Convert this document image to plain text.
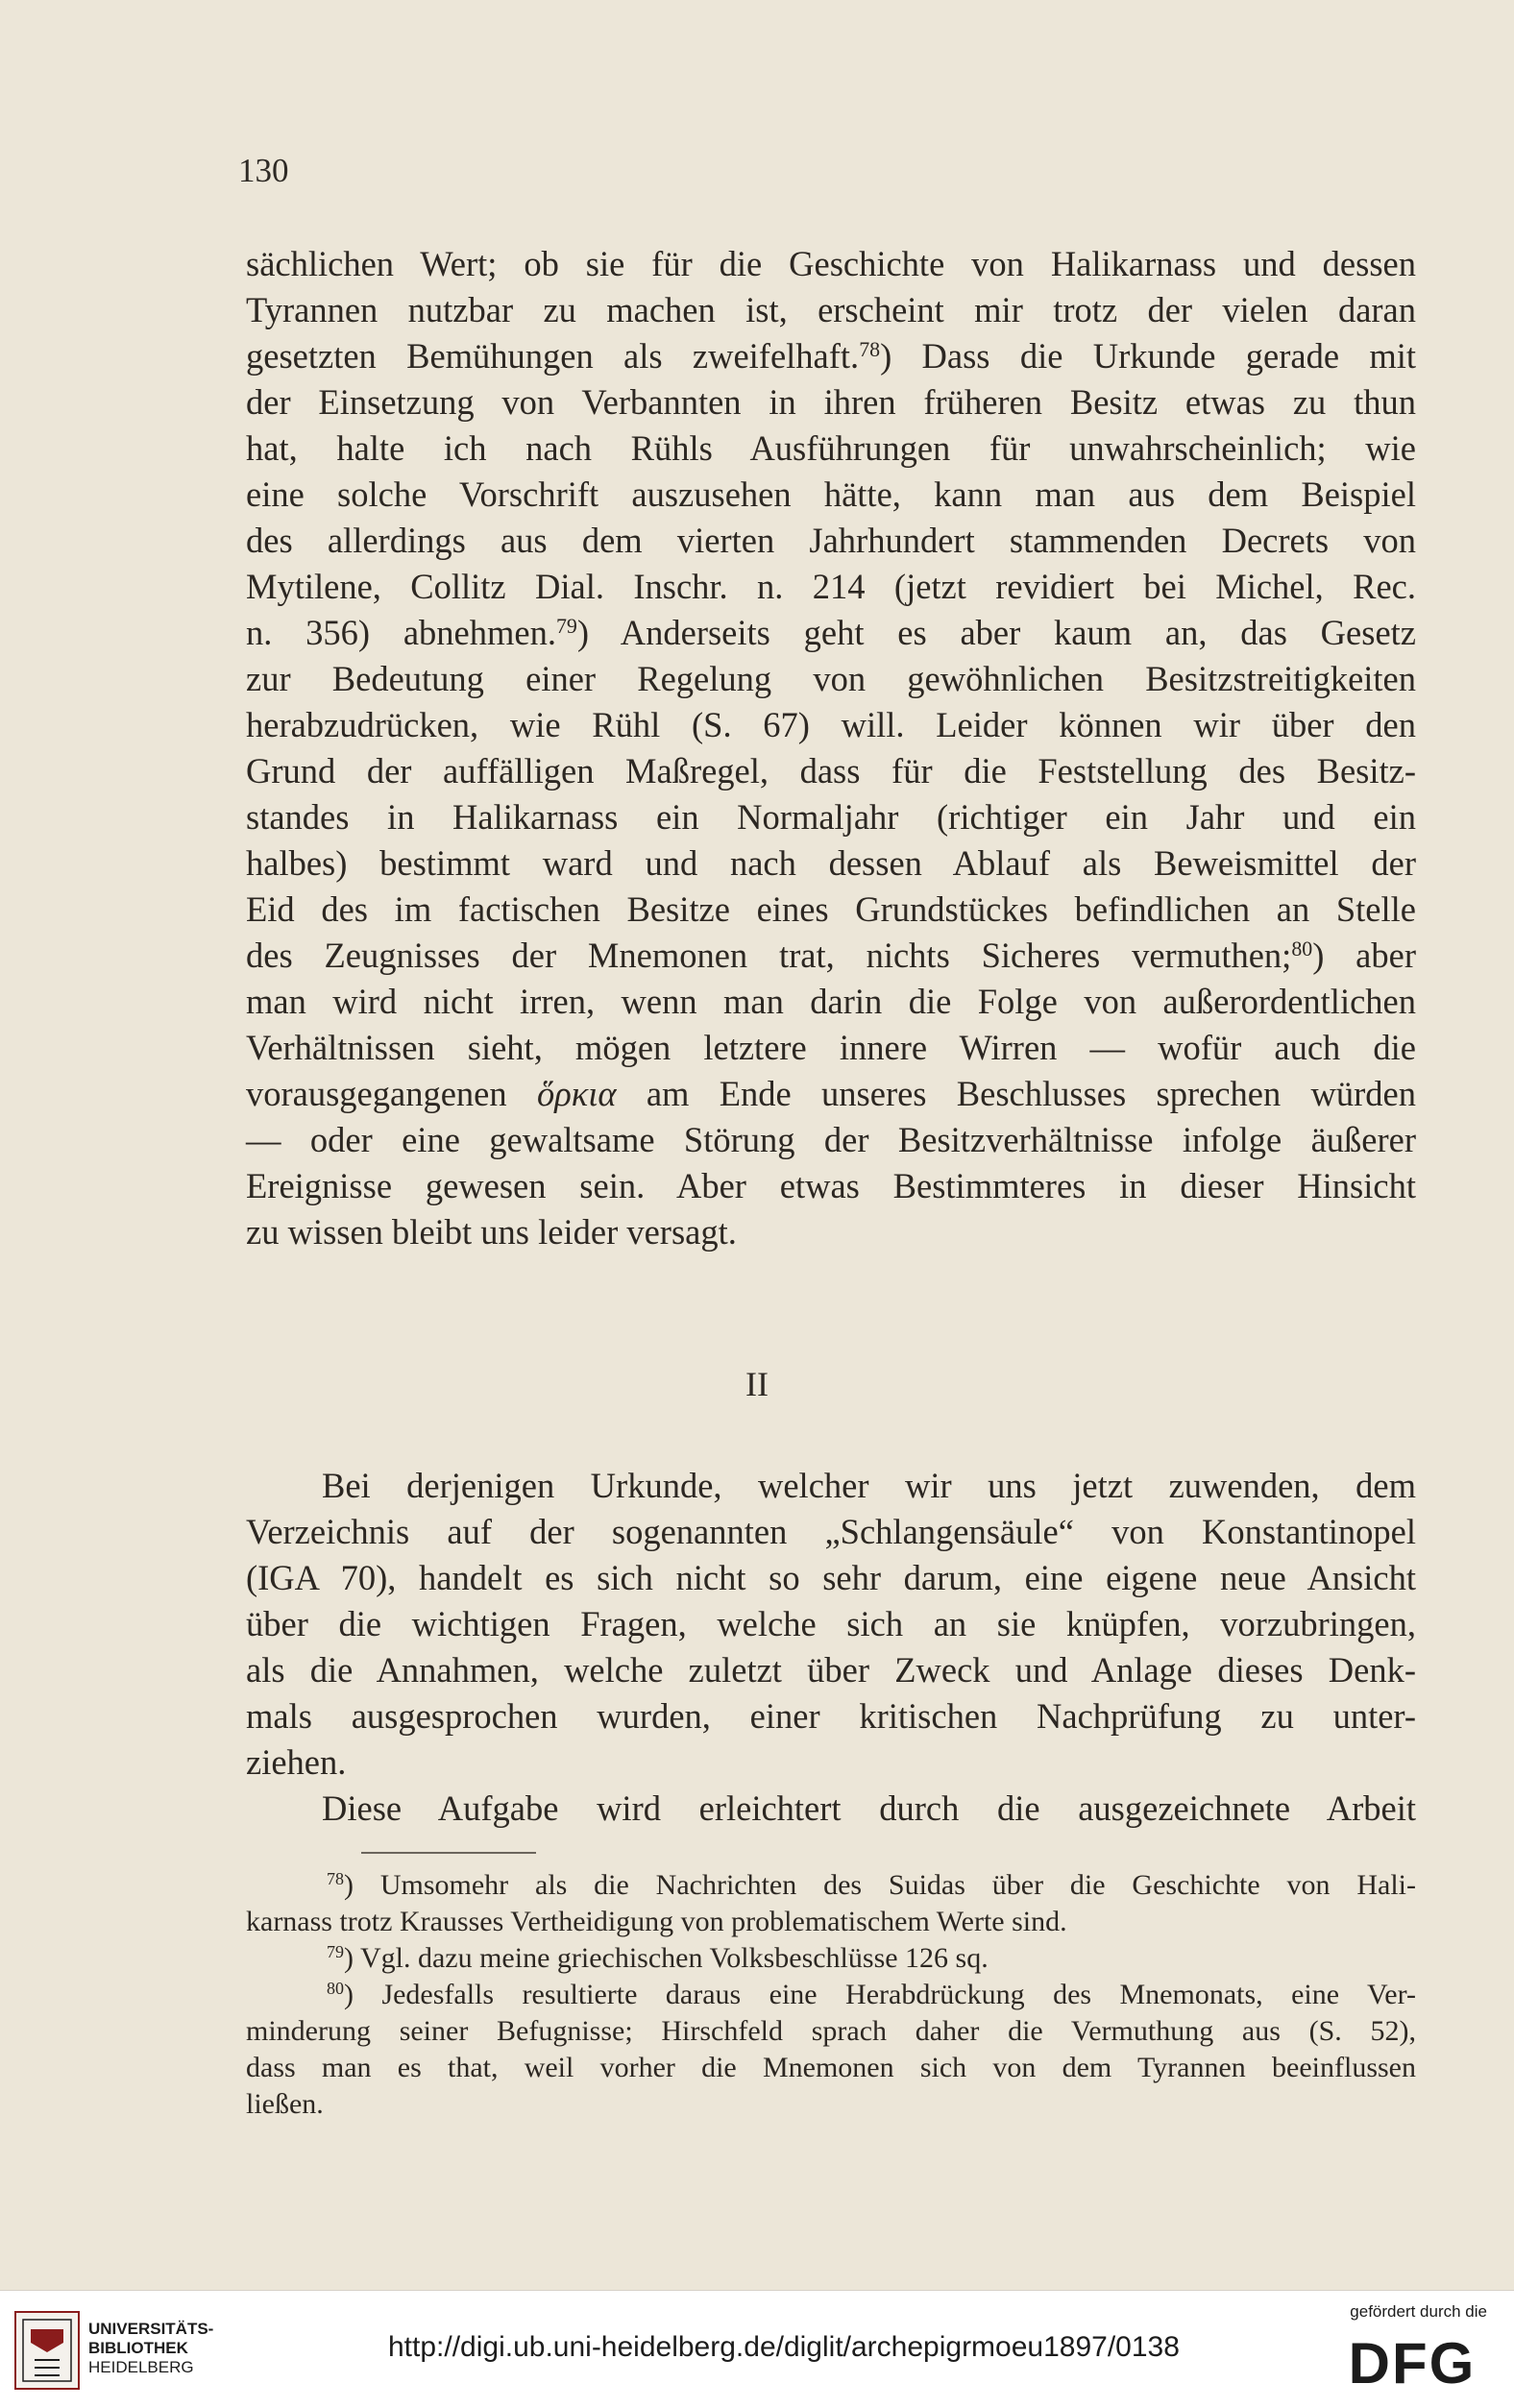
130
sächlichen Wert; ob sie für die Geschichte von Halikarnass und dessen
Tyrannen nutzbar zu machen ist, erscheint mir trotz der vielen daran
gesetzten Bemühungen als zweifelhaft.$^{78}$) Dass die Urkunde gerade mit
der Einsetzung von Verbannten in ihren früheren Besitz etwas zu thun
hat, halte ich nach Rühls Ausführungen für unwahrscheinlich; wie
eine solche Vorschrift auszusehen hätte, kann man aus dem Beispiel
des allerdings aus dem vierten Jahrhundert stammenden Decrets von
Mytilene, Collitz Dial. Inschr. n. 214 (jetzt revidiert bei Michel, Rec.
n. 356) abnehmen.$^{79}$) Anderseits geht es aber kaum an, das Gesetz
zur Bedeutung einer Regelung von gewöhnlichen Besitzstreitigkeiten
herabzudrücken, wie Rühl (S. 67) will. Leider können wir über den
Grund der auffälligen Maßregel, dass für die Feststellung des Besitz-
standes in Halikarnass ein Normaljahr (richtiger ein Jahr und ein
halbes) bestimmt ward und nach dessen Ablauf als Beweismittel der
Eid des im factischen Besitze eines Grundstückes befindlichen an Stelle
des Zeugnisses der Mnemonen trat, nichts Sicheres vermuthen;$^{80}$) aber
man wird nicht irren, wenn man darin die Folge von außerordentlichen
Verhältnissen sieht, mögen letztere innere Wirren — wofür auch die
vorausgegangenen ὅρκια am Ende unseres Beschlusses sprechen würden
— oder eine gewaltsame Störung der Besitzverhältnisse infolge äußerer
Ereignisse gewesen sein. Aber etwas Bestimmteres in dieser Hinsicht
zu wissen bleibt uns leider versagt.
II
Bei derjenigen Urkunde, welcher wir uns jetzt zuwenden, dem
Verzeichnis auf der sogenannten „Schlangensäule“ von Konstantinopel
(IGA 70), handelt es sich nicht so sehr darum, eine eigene neue Ansicht
über die wichtigen Fragen, welche sich an sie knüpfen, vorzubringen,
als die Annahmen, welche zuletzt über Zweck und Anlage dieses Denk-
mals ausgesprochen wurden, einer kritischen Nachprüfung zu unter-
ziehen.
Diese Aufgabe wird erleichtert durch die ausgezeichnete Arbeit
$^{78}$) Umsomehr als die Nachrichten des Suidas über die Geschichte von Hali-
karnass trotz Krausses Vertheidigung von problematischem Werte sind.
$^{79}$) Vgl. dazu meine griechischen Volksbeschlüsse 126 sq.
$^{80}$) Jedesfalls resultierte daraus eine Herabdrückung des Mnemonats, eine Ver-
minderung seiner Befugnisse; Hirschfeld sprach daher die Vermuthung aus (S. 52),
dass man es that, weil vorher die Mnemonen sich von dem Tyrannen beeinflussen
ließen.
UNIVERSITÄTS-
BIBLIOTHEK
HEIDELBERG
http://digi.ub.uni-heidelberg.de/diglit/archepigrmoeu1897/0138
gefördert durch die
DFG
